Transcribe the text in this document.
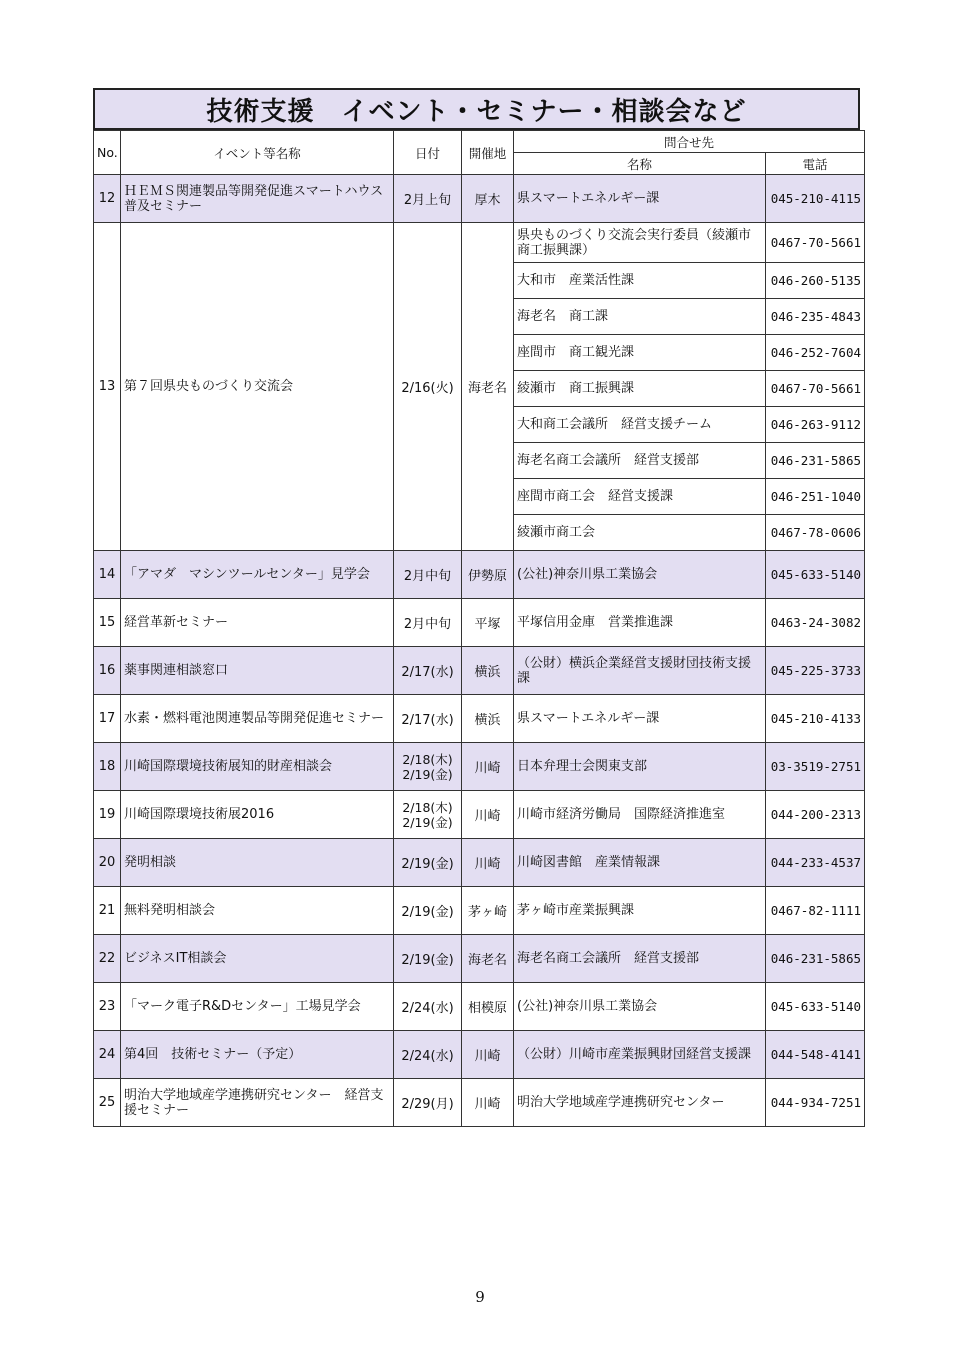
技術支援　イベント・セミナー・相談会など
No.	イベント等名称	日付	開催地	問合せ先	
				名称	電話
12	ＨＥＭＳ関連製品等開発促進スマートハウス普及セミナー	2月上旬	厚木	県スマートエネルギー課	045-210-4115
13	第７回県央ものづくり交流会	2/16(火)	海老名	県央ものづくり交流会実行委員（綾瀬市商工振興課）	0467-70-5661
				大和市　産業活性課	046-260-5135
				海老名　商工課	046-235-4843
				座間市　商工観光課	046-252-7604
				綾瀬市　商工振興課	0467-70-5661
				大和商工会議所　経営支援チーム	046-263-9112
				海老名商工会議所　経営支援部	046-231-5865
				座間市商工会　経営支援課	046-251-1040
				綾瀬市商工会	0467-78-0606
14	「アマダ　マシンツールセンター」見学会	2月中旬	伊勢原	(公社)神奈川県工業協会	045-633-5140
15	経営革新セミナー	2月中旬	平塚	平塚信用金庫　営業推進課	0463-24-3082
16	薬事関連相談窓口	2/17(水)	横浜	（公財）横浜企業経営支援財団技術支援課	045-225-3733
17	水素・燃料電池関連製品等開発促進セミナー	2/17(水)	横浜	県スマートエネルギー課	045-210-4133
18	川崎国際環境技術展知的財産相談会	2/18(木) 2/19(金)	川崎	日本弁理士会関東支部	03-3519-2751
19	川崎国際環境技術展2016	2/18(木) 2/19(金)	川崎	川崎市経済労働局　国際経済推進室	044-200-2313
20	発明相談	2/19(金)	川崎	川崎図書館　産業情報課	044-233-4537
21	無料発明相談会	2/19(金)	茅ヶ崎	茅ヶ崎市産業振興課	0467-82-1111
22	ビジネスIT相談会	2/19(金)	海老名	海老名商工会議所　経営支援部	046-231-5865
23	「マーク電子R&Dセンター」工場見学会	2/24(水)	相模原	(公社)神奈川県工業協会	045-633-5140
24	第4回　技術セミナー（予定）	2/24(水)	川崎	（公財）川崎市産業振興財団経営支援課	044-548-4141
25	明治大学地域産学連携研究センター　経営支援セミナー	2/29(月)	川崎	明治大学地域産学連携研究センター	044-934-7251
9
